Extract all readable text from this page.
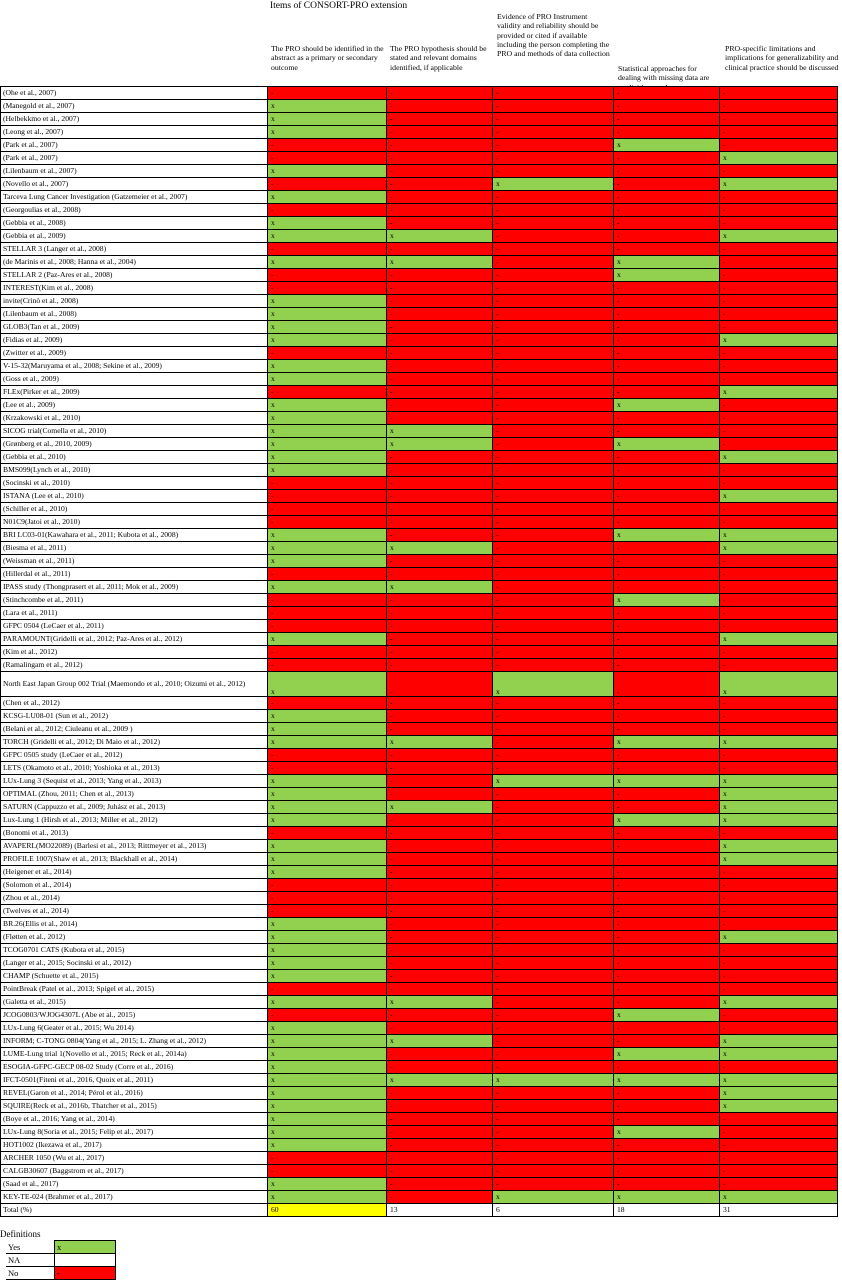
Items of CONSORT-PRO extension
The PRO should be identified in the abstract as a primary or secondary outcome
The PRO hypothesis should be stated and relevant domains identified, if applicable
Evidence of PRO Instrument validity and reliability should be provided or cited if available including the person completing the PRO and methods of data collection
Statistical approaches for dealing with missing data are
PRO-specific limitations and implications for generalizability and clinical practice should be discussed
(Ohe et al., 2007)	-	-	-	-	-
(Manegold et al., 2007)	x	-	-	-	-
(Helbekkmo et al., 2007)	x	-	-	-	-
(Leong et al., 2007)	x	-	-	-	-
(Park et al., 2007)	-	-	-	x	-
(Park et al., 2007)	-	-	-	-	x
(Lilenbaum et al., 2007)	x	-	-	-	-
(Novello et al., 2007)	-	-	x	-	x
Tarceva Lung Cancer Investigation (Gatzemeier et al., 2007)	x	-	-	-	-
(Georgoulias et al., 2008)	-	-	-	-	-
(Gebbia et al., 2008)	x	-	-	-	-
(Gebbia et al., 2009)	x	x	-	-	x
STELLAR 3 (Langer et al., 2008)	-	-	-	-	-
(de Marinis et al., 2008; Hanna et al., 2004)	x	x	-	x	-
STELLAR 2 (Paz-Ares et al., 2008)	-	-	-	x	-
INTEREST(Kim et al., 2008)	-	-	-	-	-
invite(Crinò et al., 2008)	x	-	-	-	-
(Lilenbaum et al., 2008)	x	-	-	-	-
GLOB3(Tan et al., 2009)	x	-	-	-	-
(Fidias et al., 2009)	x	-	-	-	x
(Zwitter et al., 2009)	-	-	-	-	-
V-15-32(Maruyama et al., 2008; Sekine et al., 2009)	x	-	-	-	-
(Goss et al., 2009)	x	-	-	-	-
FLEx(Pirker et al., 2009)	-	-	-	-	x
(Lee et al., 2009)	x	-	-	x	-
(Krzakowski et al., 2010)	x	-	-	-	-
SICOG trial(Comella et al., 2010)	x	x	-	-	-
(Grønberg et al., 2010, 2009)	x	x	-	x	-
(Gebbia et al., 2010)	x	-	-	-	x
BMS099(Lynch et al., 2010)	x	-	-	-	-
(Socinski et al., 2010)	-	-	-	-	-
ISTANA (Lee et al., 2010)	-	-	-	-	x
(Schiller et al., 2010)	-	-	-	-	-
N01C9(Jatoi et al., 2010)	-	-	-	-	-
BRI LC03-01(Kawahara et al., 2011; Kubota et al., 2008)	x	-	-	x	x
(Biesma et al., 2011)	x	x	-	-	x
(Weissman et al., 2011)	x	-	-	-	-
(Hillerdal et al., 2011)	-	-	-	-	-
IPASS study (Thongprasert et al., 2011; Mok et al., 2009)	x	x	-	-	-
(Stinchcombe et al., 2011)	-	-	-	x	-
(Lara et al., 2011)	-	-	-	-	-
GFPC 0504 (LeCaer et al., 2011)	-	-	-	-	-
PARAMOUNT(Gridelli et al., 2012; Paz-Ares et al., 2012)	x	-	-	-	x
(Kim et al., 2012)	-	-	-	-	-
(Ramalingam et al., 2012)	-	-	-	-	-
North East Japan Group 002 Trial (Maemondo et al., 2010; Oizumi et al., 2012)	x	-	x	-	x
(Chen et al., 2012)	-	-	-	-	-
KCSG-LU08-01 (Sun et al., 2012)	x	-	-	-	-
(Belani et al., 2012; Ciuleanu et al., 2009 )	x	-	-	-	-
TORCH (Gridelli et al., 2012; Di Maio et al., 2012)	x	x	-	x	x
GFPC 0505 study (LeCaer et al., 2012)	-	-	-	-	-
LETS (Okamoto et al., 2010; Yoshioka et al., 2013)	-	-	-	-	-
LUx-Lung 3 (Sequist et al., 2013; Yang et al., 2013)	x	-	x	x	x
OPTIMAL (Zhou, 2011; Chen et al., 2013)	x	-	-	-	x
SATURN (Cappuzzo et al., 2009; Juhász et al., 2013)	x	x	-	-	x
Lux-Lung 1 (Hirsh et al., 2013; Miller et al., 2012)	x	-	-	x	x
(Bonomi et al., 2013)	-	-	-	-	-
AVAPERL(MO22089) (Barlesi et al., 2013; Rittmeyer et al., 2013)	x	-	-	-	x
PROFILE 1007(Shaw et al., 2013; Blackhall et al., 2014)	x	-	-	-	x
(Heigener et al., 2014)	x	-	-	-	-
(Solomon et al., 2014)	-	-	-	-	-
(Zhou et al., 2014)	-	-	-	-	-
(Twelves et al., 2014)	-	-	-	-	-
BR.26(Ellis et al., 2014)	x	-	-	-	-
(Fløtten et al., 2012)	x	-	-	-	x
TCOG0701 CATS (Kubota et al., 2015)	x	-	-	-	-
(Langer et al., 2015; Socinski et al., 2012)	x	-	-	-	-
CHAMP (Schuette et al., 2015)	x	-	-	-	-
PointBreak (Patel et al., 2013; Spigel et al., 2015)	-	-	-	-	-
(Galetta et al., 2015)	x	x	-	-	x
JCOG0803/WJOG4307L (Abe et al., 2015)	-	-	-	x	-
LUx-Lung 6(Geater et al., 2015; Wu 2014)	x	-	-	-	-
INFORM; C-TONG 0804(Yang et al., 2015; L. Zhang et al., 2012)	x	x	-	-	x
LUME-Lung trial 1(Novello et al., 2015; Reck et al., 2014a)	x	-	-	x	x
ESOGIA-GFPC-GECP 08-02 Study (Corre et al., 2016)	x	-	-	-	-
IFCT-0501(Fiteni et al., 2016, Quoix et al., 2011)	x	x	x	x	x
REVEL(Garon et al., 2014; Pérol et al., 2016)	x	-	-	-	x
SQUIRE(Reck et al., 2016b, Thatcher et al., 2015)	x	-	-	-	x
(Boye et al., 2016; Yang et al., 2014)	x	-	-	-	-
LUx-Lung 8(Soria et al., 2015; Felip et al., 2017)	x	-	-	x	-
HOT1002 (Ikezawa et al., 2017)	x	-	-	-	-
ARCHER 1050 (Wu et al., 2017)	-	-	-	-	-
CALGB30607 (Baggstrom et al., 2017)	-	-	-	-	-
(Saad et al., 2017)	x	-	-	-	-
KEY-TE-024 (Brahmer et al., 2017)	x	-	x	x	x
Total (%)	60	13	6	18	31
Definitions
Yes	x
NA	
No	-
